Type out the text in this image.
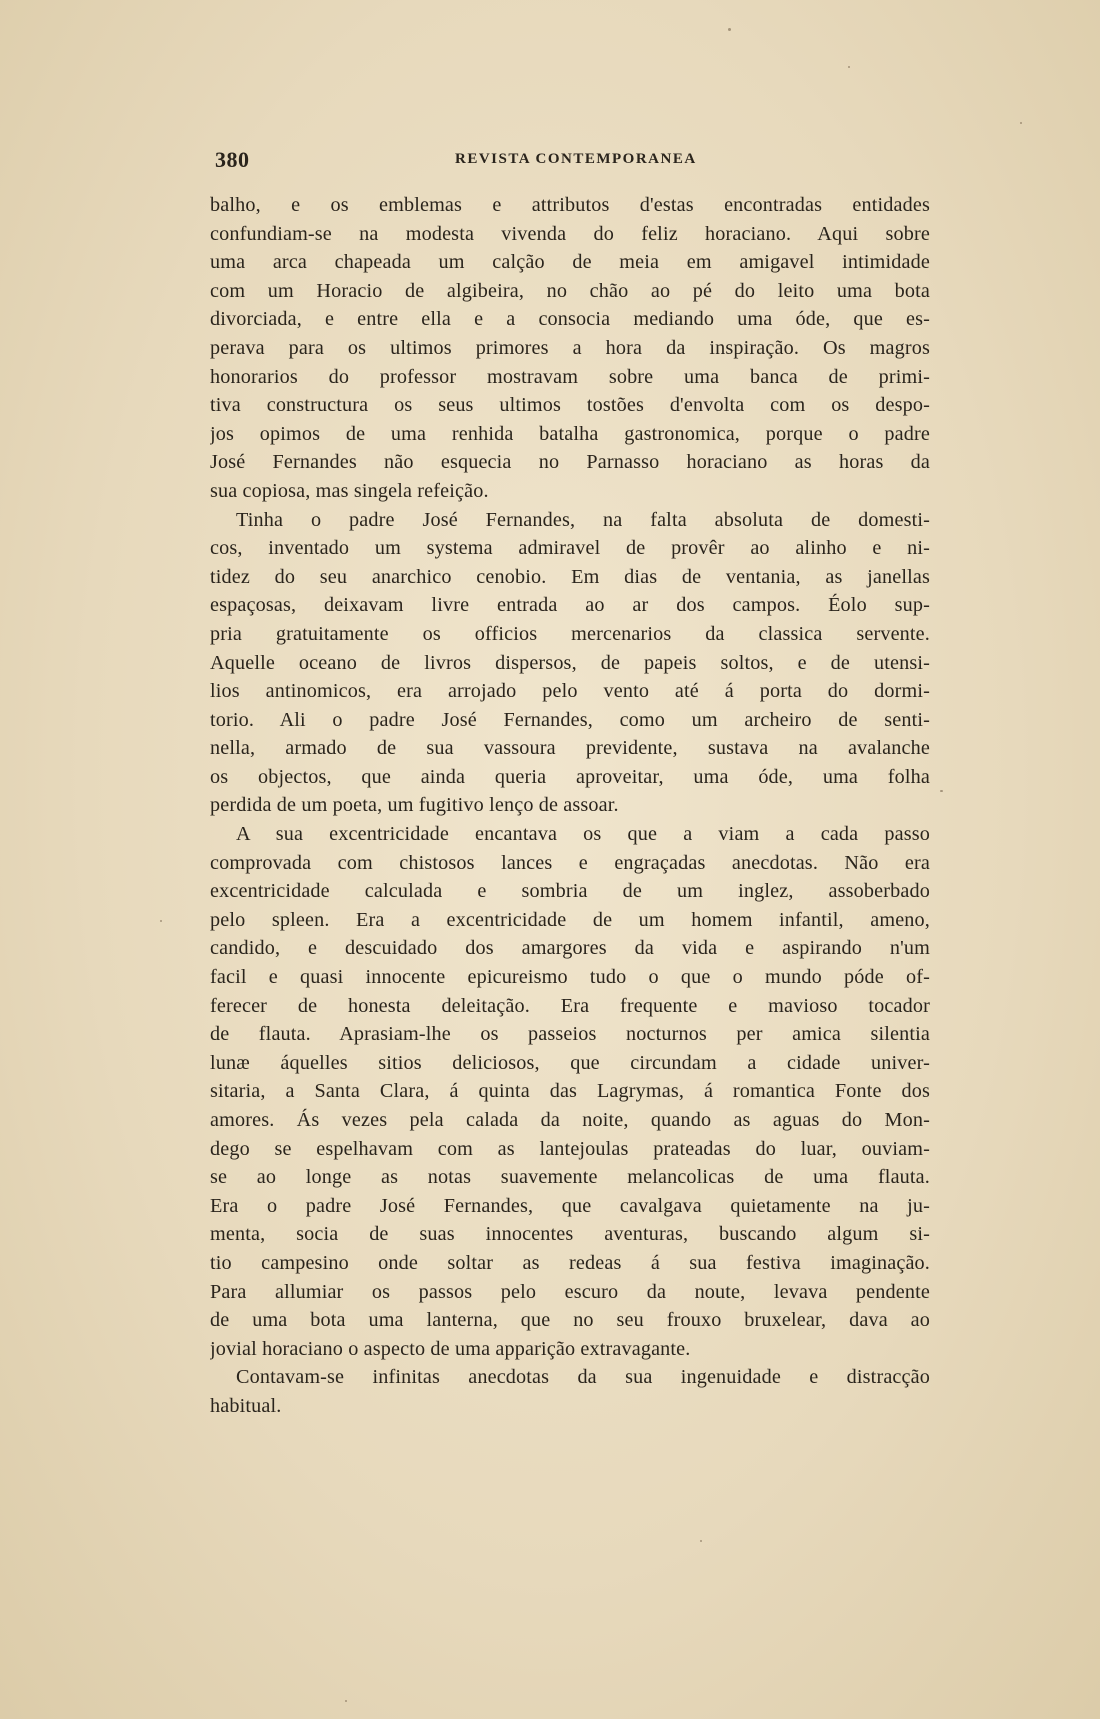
380	REVISTA CONTEMPORANEA
balho, e os emblemas e attributos d'estas encontradas entidades
confundiam-se na modesta vivenda do feliz horaciano. Aqui sobre
uma arca chapeada um calção de meia em amigavel intimidade
com um Horacio de algibeira, no chão ao pé do leito uma bota
divorciada, e entre ella e a consocia mediando uma óde, que es-
perava para os ultimos primores a hora da inspiração. Os magros
honorarios do professor mostravam sobre uma banca de primi-
tiva constructura os seus ultimos tostões d'envolta com os despo-
jos opimos de uma renhida batalha gastronomica, porque o padre
José Fernandes não esquecia no Parnasso horaciano as horas da
sua copiosa, mas singela refeição.
Tinha o padre José Fernandes, na falta absoluta de domesti-
cos, inventado um systema admiravel de provêr ao alinho e ni-
tidez do seu anarchico cenobio. Em dias de ventania, as janellas
espaçosas, deixavam livre entrada ao ar dos campos. Éolo sup-
pria gratuitamente os officios mercenarios da classica servente.
Aquelle oceano de livros dispersos, de papeis soltos, e de utensi-
lios antinomicos, era arrojado pelo vento até á porta do dormi-
torio. Ali o padre José Fernandes, como um archeiro de senti-
nella, armado de sua vassoura previdente, sustava na avalanche
os objectos, que ainda queria aproveitar, uma óde, uma folha
perdida de um poeta, um fugitivo lenço de assoar.
A sua excentricidade encantava os que a viam a cada passo
comprovada com chistosos lances e engraçadas anecdotas. Não era
excentricidade calculada e sombria de um inglez, assoberbado
pelo spleen. Era a excentricidade de um homem infantil, ameno,
candido, e descuidado dos amargores da vida e aspirando n'um
facil e quasi innocente epicureismo tudo o que o mundo póde of-
ferecer de honesta deleitação. Era frequente e mavioso tocador
de flauta. Aprasiam-lhe os passeios nocturnos per amica silentia
lunæ áquelles sitios deliciosos, que circundam a cidade univer-
sitaria, a Santa Clara, á quinta das Lagrymas, á romantica Fonte dos
amores. Ás vezes pela calada da noite, quando as aguas do Mon-
dego se espelhavam com as lantejoulas prateadas do luar, ouviam-
se ao longe as notas suavemente melancolicas de uma flauta.
Era o padre José Fernandes, que cavalgava quietamente na ju-
menta, socia de suas innocentes aventuras, buscando algum si-
tio campesino onde soltar as redeas á sua festiva imaginação.
Para allumiar os passos pelo escuro da noute, levava pendente
de uma bota uma lanterna, que no seu frouxo bruxelear, dava ao
jovial horaciano o aspecto de uma apparição extravagante.
Contavam-se infinitas anecdotas da sua ingenuidade e distracção
habitual.
